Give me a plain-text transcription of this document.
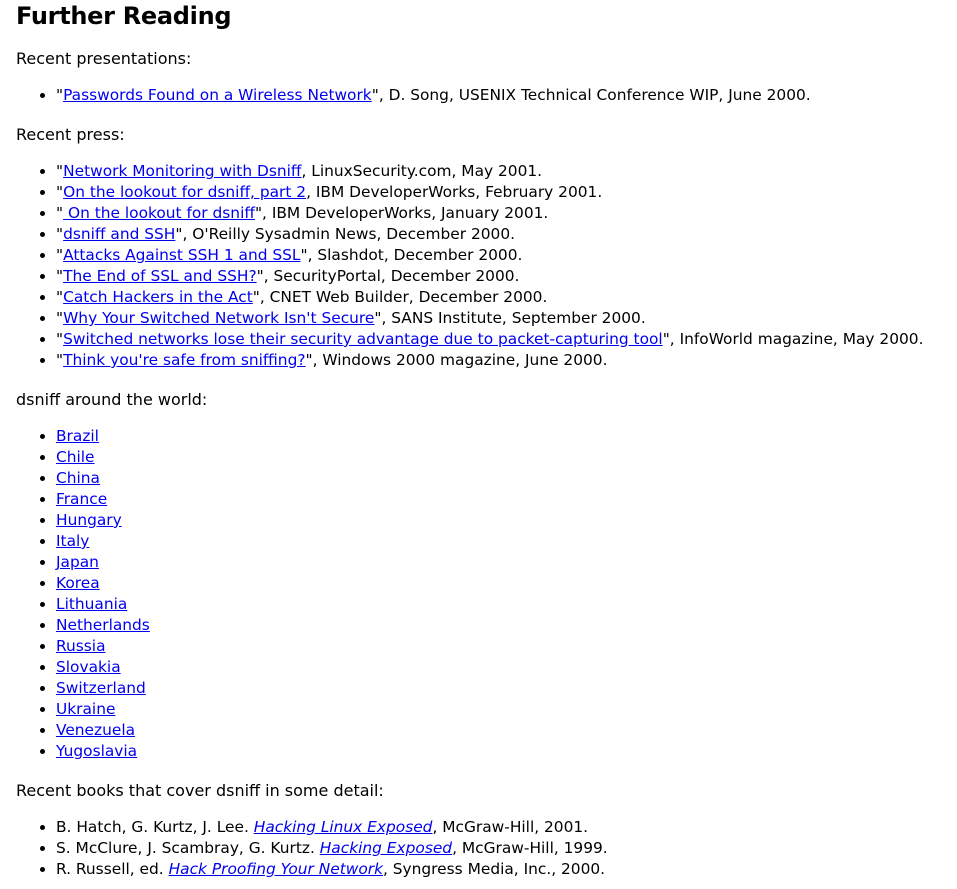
Further Reading

Recent presentations:

• "Passwords Found on a Wireless Network", D. Song, USENIX Technical Conference WIP, June 2000.

Recent press:

• "Network Monitoring with Dsniff, LinuxSecurity.com, May 2001.
• "On the lookout for dsniff, part 2, IBM DeveloperWorks, February 2001.
• " On the lookout for dsniff", IBM DeveloperWorks, January 2001.
• "dsniff and SSH", O'Reilly Sysadmin News, December 2000.
• "Attacks Against SSH 1 and SSL", Slashdot, December 2000.
• "The End of SSL and SSH?", SecurityPortal, December 2000.
• "Catch Hackers in the Act", CNET Web Builder, December 2000.
• "Why Your Switched Network Isn't Secure", SANS Institute, September 2000.
• "Switched networks lose their security advantage due to packet-capturing tool", InfoWorld magazine, May 2000.
• "Think you're safe from sniffing?", Windows 2000 magazine, June 2000.

dsniff around the world:

• Brazil
• Chile
• China
• France
• Hungary
• Italy
• Japan
• Korea
• Lithuania
• Netherlands
• Russia
• Slovakia
• Switzerland
• Ukraine
• Venezuela
• Yugoslavia

Recent books that cover dsniff in some detail:

• B. Hatch, G. Kurtz, J. Lee. Hacking Linux Exposed, McGraw-Hill, 2001.
• S. McClure, J. Scambray, G. Kurtz. Hacking Exposed, McGraw-Hill, 1999.
• R. Russell, ed. Hack Proofing Your Network, Syngress Media, Inc., 2000.
